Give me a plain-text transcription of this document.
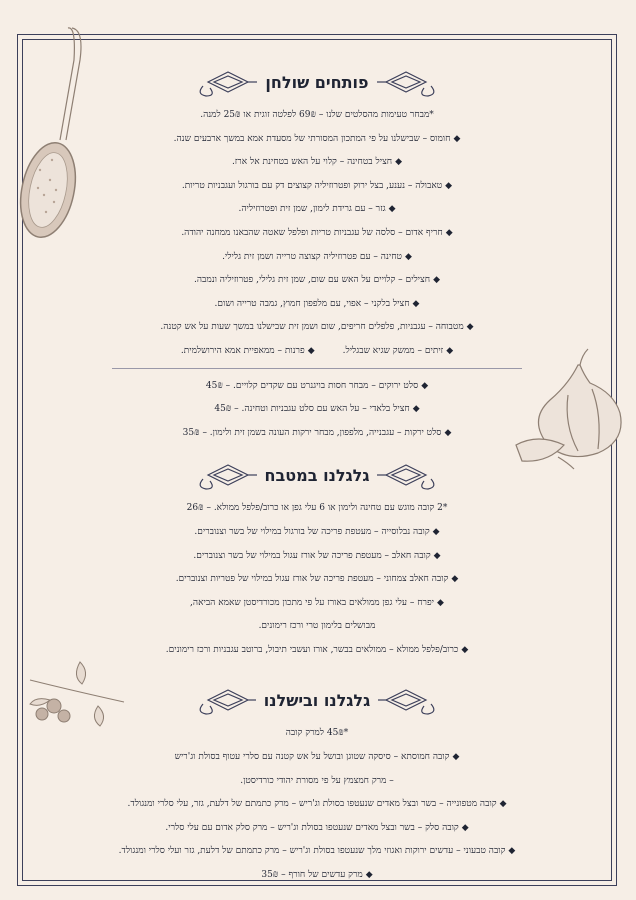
פותחים שולחן

*מבחר טעימות מהסלטים שלנו – 69₪ לפלטה זוגית או 25₪ למנה.

◆חומוס – שבישלנו על פי המתכון המסורתי של מסעדת אמא במשך ארבעים שנה.

◆חציל בטחינה – קלוי על האש בטחינת אל ארז.

◆טאבולה – נענע, בצל ירוק ופטרוזיליה קצוצים דק עם בורגול ועגבניות טריות.

◆גזר – עם גרידת לימון, שמן זית ופטרוזיליה.

◆חריף אדום – סלסה של עגבניות טריות ופלפל שאטה שהבאנו ממחנה יהודה.

◆טחינה – עם פטרוזיליה קצוצה טרייה ושמן זית גלילי.

◆חצילים – קלויים על האש עם שום, שמן זית גלילי, פטרוזיליה ונמבה.

◆חציל בלקני – אפוי, עם מלפפון חמוץ, גמבה טרייה ושום.

◆מטבוחה – עגבניות, פלפלים חריפים, שום ושמן זית שבישלנו במשך שעות על אש קטנה.

◆זיתים – ממשק שגיא שבגליל.◆פרנות – ממאפיית אמא הירושלמית.

◆סלט ירוקים – מבחר חסות בויגנרט עם שקדים קלויים. – 45₪

◆חציל בלאדי – על האש עם סלט עגבניות וטחינה. – 45₪

◆סלט ירקות – עגבנייה, מלפפון, מבחר ירקות העונה בשמן זית ולימון. – 35₪

גלגלנו במטבח

*2 קובה מוגש עם טחינה ולימון או 6 עלי גפן או כרוב/פלפל ממולא. – 26₪

◆קובה נבלוסייה – מעטפת פריכה של בורגול במילוי של בשר וצנוברים.

◆קובה חאלב – מעטפת פריכה של אורז עגול במילוי של בשר וצנוברים.

◆קובה חאלב צמחוני – מעטפת פריכה של אורז עגול במילוי של פטריות וצנוברים.

◆יפרח – עלי גפן ממולאים באורז על פי מתכון מכורדיסטן שאמא הביאה,

מבושלים בלימון טרי ורכז רימונים.

◆כרוב/פלפל ממולא – ממולאים בבשר, אורז ועשבי תיבול, ברוטב עגבניות ורכז רימונים.

גלגלנו ובישלנו

*45₪ למרק קובה

◆קובה חמוסתא – סיסקה שטוגן ובושל על אש קטנה עם סלרי עטוף בסולת וג'ריש

– מרק חמצמץ על פי מסורת יהודי כורדיסטן.

◆קובה מטפונייה – בשר ובצל מאדים שנעטפו בסולת וג'ריש – מרק כתמתם של דלעת, גזר, עלי סלרי ומנגולד.

◆קובה סלק – בשר ובצל מאדים שנעטפו בסולת וג'ריש – מרק סלק אדום עם עלי סלרי.

◆קובה טבעוני – עדשים ירוקות ואגוזי מלך שנעטפו בסולת וג'ריש – מרק כתמתם של דלעת, גזר ועלי סלרי ומנגולד.

◆מרק עדשים של חורף – 35₪
